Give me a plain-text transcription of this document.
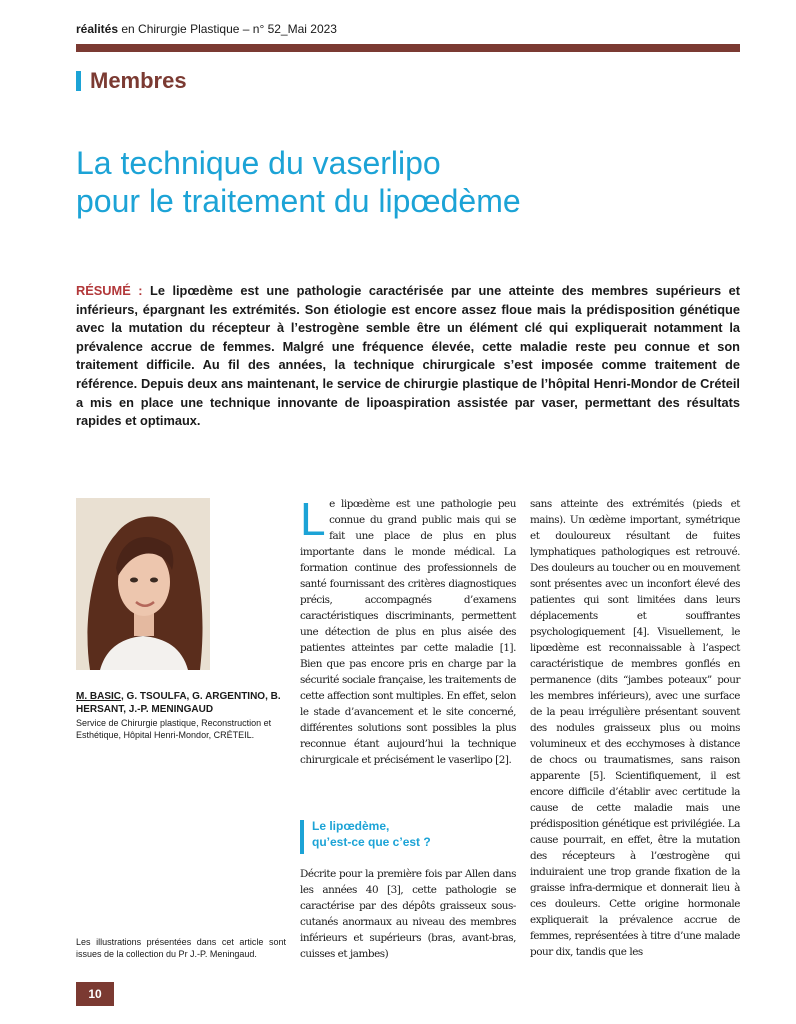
réalités en Chirurgie Plastique – n° 52_Mai 2023
Membres
La technique du vaserlipo
pour le traitement du lipœdème
RÉSUMÉ : Le lipœdème est une pathologie caractérisée par une atteinte des membres supérieurs et inférieurs, épargnant les extrémités. Son étiologie est encore assez floue mais la prédisposition génétique avec la mutation du récepteur à l’estrogène semble être un élément clé qui expliquerait notamment la prévalence accrue de femmes. Malgré une fréquence élevée, cette maladie reste peu connue et son traitement difficile. Au fil des années, la technique chirurgicale s’est imposée comme traitement de référence. Depuis deux ans maintenant, le service de chirurgie plastique de l’hôpital Henri-Mondor de Créteil a mis en place une technique innovante de lipoaspiration assistée par vaser, permettant des résultats rapides et optimaux.
M. BASIC, G. TSOULFA, G. ARGENTINO, B. HERSANT, J.-P. MENINGAUD
Service de Chirurgie plastique, Reconstruction et Esthétique, Hôpital Henri-Mondor, CRÉTEIL.
Les illustrations présentées dans cet article sont issues de la collection du Pr J.-P. Meningaud.

Le lipœdème est une pathologie peu connue du grand public mais qui se fait une place de plus en plus importante dans le monde médical. La formation continue des professionnels de santé fournissant des critères diagnostiques précis, accompagnés d’examens caractéristiques discriminants, permettent une détection de plus en plus aisée des patientes atteintes par cette maladie [1]. Bien que pas encore pris en charge par la sécurité sociale française, les traitements de cette affection sont multiples. En effet, selon le stade d’avancement et le site concerné, différentes solutions sont possibles la plus reconnue étant aujourd’hui la technique chirurgicale et précisément le vaserlipo [2].

Le lipœdème,
qu’est-ce que c’est ?

Décrite pour la première fois par Allen dans les années 40 [3], cette pathologie se caractérise par des dépôts graisseux sous-cutanés anormaux au niveau des membres inférieurs et supérieurs (bras, avant-bras, cuisses et jambes)

sans atteinte des extrémités (pieds et mains). Un œdème important, symétrique et douloureux résultant de fuites lymphatiques pathologiques est retrouvé. Des douleurs au toucher ou en mouvement sont présentes avec un inconfort élevé des patientes qui sont limitées dans leurs déplacements et souffrantes psychologiquement [4]. Visuellement, le lipœdème est reconnaissable à l’aspect caractéristique de membres gonflés en permanence (dits “jambes poteaux” pour les membres inférieurs), avec une surface de la peau irrégulière présentant souvent des nodules graisseux plus ou moins volumineux et des ecchymoses à distance de chocs ou traumatismes, sans raison apparente [5]. Scientifiquement, il est encore difficile d’établir avec certitude la cause de cette maladie mais une prédisposition génétique est privilégiée. La cause pourrait, en effet, être la mutation des récepteurs à l’œstrogène qui induiraient une trop grande fixation de la graisse infra-dermique et donnerait lieu à ces douleurs. Cette origine hormonale expliquerait la prévalence accrue de femmes, représentées à titre d’une malade pour dix, tandis que les

10
